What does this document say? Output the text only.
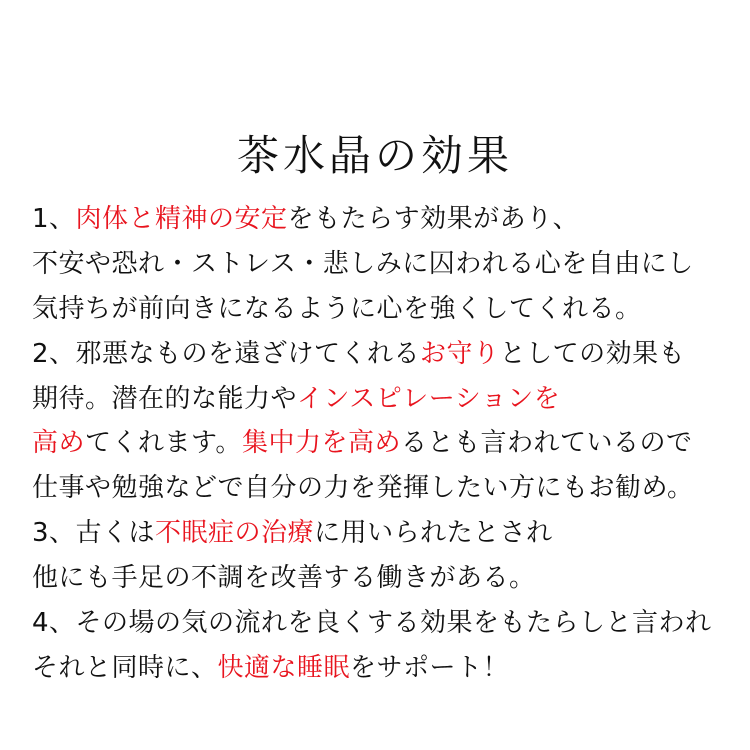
茶水晶の効果
1、肉体と精神の安定をもたらす効果があり、
不安や恐れ・ストレス・悲しみに囚われる心を自由にし
気持ちが前向きになるように心を強くしてくれる。
2、邪悪なものを遠ざけてくれるお守りとしての効果も
期待。潜在的な能力やインスピレーションを
高めてくれます。集中力を高めるとも言われているので
仕事や勉強などで自分の力を発揮したい方にもお勧め。
3、古くは不眠症の治療に用いられたとされ
他にも手足の不調を改善する働きがある。
4、その場の気の流れを良くする効果をもたらしと言われ
それと同時に、快適な睡眠をサポート！
